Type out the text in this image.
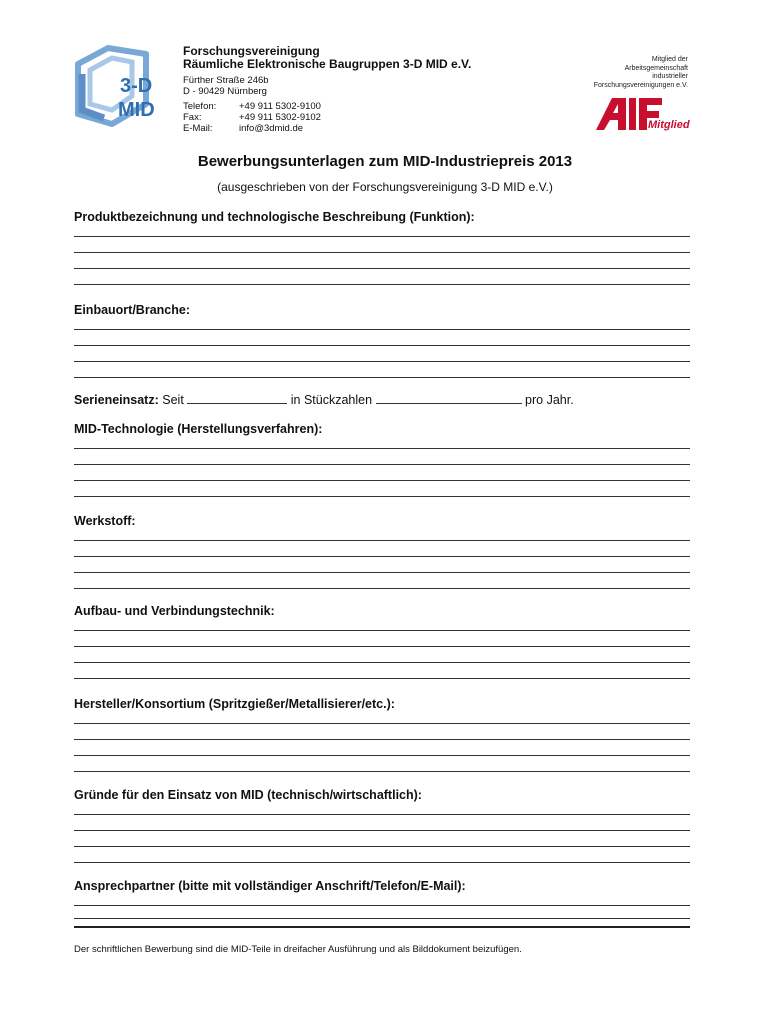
3-D
MID
Forschungsvereinigung
Räumliche Elektronische Baugruppen 3-D MID e.V.
Fürther Straße 246b
D - 90429 Nürnberg
Telefon: +49 911 5302-9100
Fax:	+49 911 5302-9102
E-Mail:	info@3dmid.de
Mitglied der
Arbeitsgemeinschaft
industrieller
Forschungsvereinigungen e.V.
Mitglied
Bewerbungsunterlagen zum MID-Industriepreis 2013
(ausgeschrieben von der Forschungsvereinigung 3-D MID e.V.)
Produktbezeichnung und technologische Beschreibung (Funktion):
Einbauort/Branche:
Serieneinsatz: Seit	in Stückzahlen	pro Jahr.
MID-Technologie (Herstellungsverfahren):
Werkstoff:
Aufbau- und Verbindungstechnik:
Hersteller/Konsortium (Spritzgießer/Metallisierer/etc.):
Gründe für den Einsatz von MID (technisch/wirtschaftlich):
Ansprechpartner (bitte mit vollständiger Anschrift/Telefon/E-Mail):
Der schriftlichen Bewerbung sind die MID-Teile in dreifacher Ausführung und als Bilddokument beizufügen.
